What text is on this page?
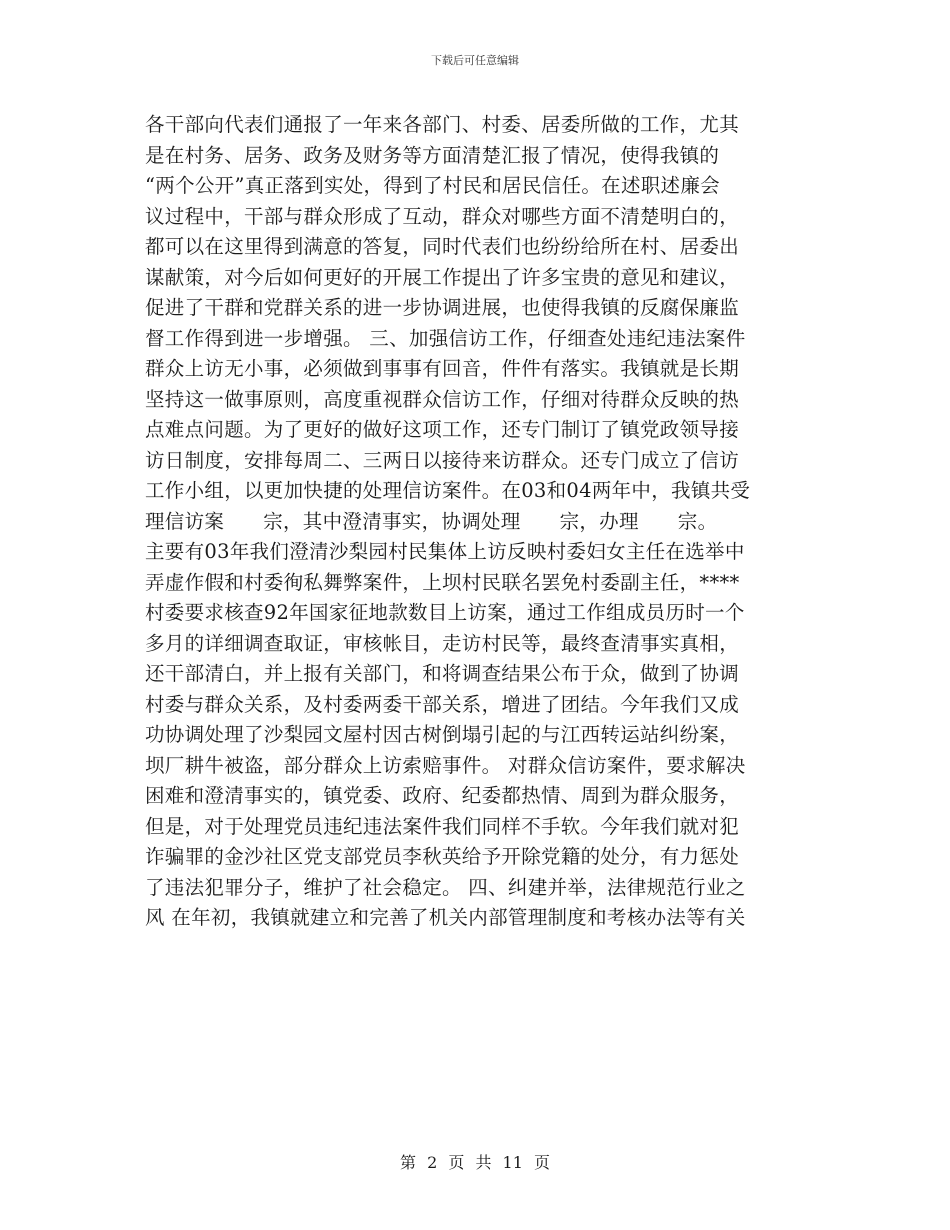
下载后可任意编辑
各干部向代表们通报了一年来各部门、村委、居委所做的工作，尤其
是在村务、居务、政务及财务等方面清楚汇报了情况，使得我镇的
“两个公开”真正落到实处，得到了村民和居民信任。在述职述廉会
议过程中，干部与群众形成了互动，群众对哪些方面不清楚明白的，
都可以在这里得到满意的答复，同时代表们也纷纷给所在村、居委出
谋献策，对今后如何更好的开展工作提出了许多宝贵的意见和建议，
促进了干群和党群关系的进一步协调进展，也使得我镇的反腐保廉监
督工作得到进一步增强。 三、加强信访工作，仔细查处违纪违法案件
群众上访无小事，必须做到事事有回音，件件有落实。我镇就是长期
坚持这一做事原则，高度重视群众信访工作，仔细对待群众反映的热
点难点问题。为了更好的做好这项工作，还专门制订了镇党政领导接
访日制度，安排每周二、三两日以接待来访群众。还专门成立了信访
工作小组，以更加快捷的处理信访案件。在03和04两年中，我镇共受
理信访案      宗，其中澄清事实，协调处理      宗，办理      宗。
主要有03年我们澄清沙梨园村民集体上访反映村委妇女主任在选举中
弄虚作假和村委徇私舞弊案件，上坝村民联名罢免村委副主任，****
村委要求核查92年国家征地款数目上访案，通过工作组成员历时一个
多月的详细调查取证，审核帐目，走访村民等，最终查清事实真相，
还干部清白，并上报有关部门，和将调查结果公布于众，做到了协调
村委与群众关系，及村委两委干部关系，增进了团结。今年我们又成
功协调处理了沙梨园文屋村因古树倒塌引起的与江西转运站纠纷案，
坝厂耕牛被盗，部分群众上访索赔事件。 对群众信访案件，要求解决
困难和澄清事实的，镇党委、政府、纪委都热情、周到为群众服务，
但是，对于处理党员违纪违法案件我们同样不手软。今年我们就对犯
诈骗罪的金沙社区党支部党员李秋英给予开除党籍的处分，有力惩处
了违法犯罪分子，维护了社会稳定。 四、纠建并举，法律规范行业之
风 在年初，我镇就建立和完善了机关内部管理制度和考核办法等有关
第 2 页 共 11 页
